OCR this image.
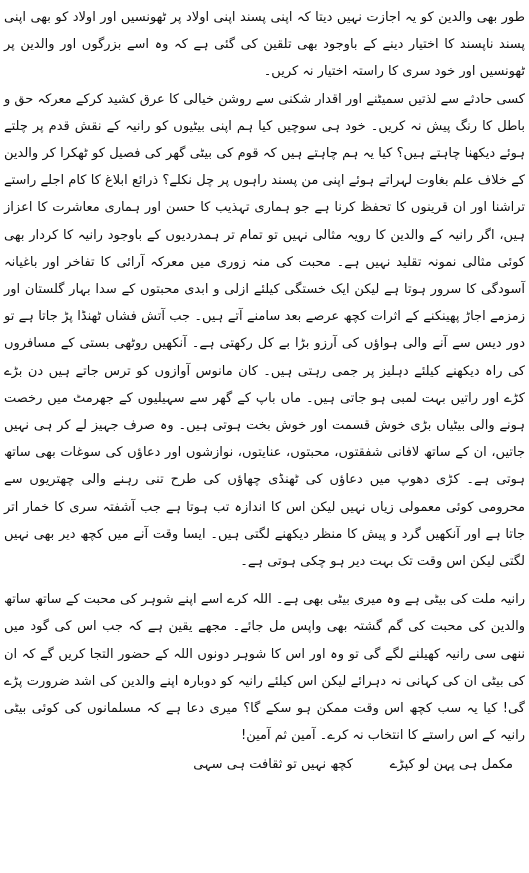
طور بھی والدین کو یہ اجازت نہیں دیتا کہ اپنی پسند اپنی اولاد پر ٹھونسیں اور اولاد کو بھی اپنی پسند ناپسند کا اختیار دینے کے باوجود بھی تلقین کی گئی ہے کہ وہ اسے بزرگوں اور والدین پر ٹھونسیں اور خود سری کا راستہ اختیار نہ کریں۔

کسی حادثے سے لذتیں سمیٹنے اور اقدار شکنی سے روشن خیالی کا عرق کشید کرکے معرکہ حق و باطل کا رنگ پیش نہ کریں۔ خود ہی سوچیں کیا ہم اپنی بیٹیوں کو رانیہ کے نقش قدم پر چلتے ہوئے دیکھنا چاہتے ہیں؟ کیا یہ ہم چاہتے ہیں کہ قوم کی بیٹی گھر کی فصیل کو ٹھکرا کر والدین کے خلاف علم بغاوت لہراتے ہوئے اپنی من پسند راہوں پر چل نکلے؟ ذرائع ابلاغ کا کام اجلے راستے تراشنا اور ان قرینوں کا تحفظ کرنا ہے جو ہماری تہذیب کا حسن اور ہماری معاشرت کا اعزاز ہیں، اگر رانیہ کے والدین کا رویہ مثالی نہیں تو تمام تر ہمدردیوں کے باوجود رانیہ کا کردار بھی کوئی مثالی نمونہ تقلید نہیں ہے۔ محبت کی منہ زوری میں معرکہ آرائی کا تفاخر اور باغیانہ آسودگی کا سرور ہوتا ہے لیکن ایک خستگی کیلئے ازلی و ابدی محبتوں کے سدا بہار گلستان اور زمزمے اجاڑ پھینکنے کے اثرات کچھ عرصے بعد سامنے آتے ہیں۔ جب آتش فشاں ٹھنڈا پڑ جاتا ہے تو دور دیس سے آنے والی ہواؤں کی آرزو بڑا بے کل رکھتی ہے۔ آنکھیں روٹھی بستی کے مسافروں کی راہ دیکھنے کیلئے دہلیز پر جمی رہتی ہیں۔ کان مانوس آوازوں کو ترس جاتے ہیں دن بڑے کڑے اور راتیں بہت لمبی ہو جاتی ہیں۔ ماں باپ کے گھر سے سہیلیوں کے جھرمٹ میں رخصت ہونے والی بیٹیاں بڑی خوش قسمت اور خوش بخت ہوتی ہیں۔ وہ صرف جہیز لے کر ہی نہیں جاتیں، ان کے ساتھ لافانی شفقتوں، محبتوں، عنایتوں، نوازشوں اور دعاؤں کی سوغات بھی ساتھ ہوتی ہے۔ کڑی دھوپ میں دعاؤں کی ٹھنڈی چھاؤں کی طرح تنی رہنے والی چھتریوں سے محرومی کوئی معمولی زیاں نہیں لیکن اس کا اندازہ تب ہوتا ہے جب آشفتہ سری کا خمار اتر جاتا ہے اور آنکھیں گرد و پیش کا منظر دیکھنے لگتی ہیں۔ ایسا وقت آنے میں کچھ دیر بھی نہیں لگتی لیکن اس وقت تک بہت دیر ہو چکی ہوتی ہے۔

رانیہ ملت کی بیٹی ہے وہ میری بیٹی بھی ہے۔ اللہ کرے اسے اپنے شوہر کی محبت کے ساتھ ساتھ والدین کی محبت کی گم گشتہ بھی واپس مل جائے۔ مجھے یقین ہے کہ جب اس کی گود میں ننھی سی رانیہ کھیلنے لگے گی تو وہ اور اس کا شوہر دونوں اللہ کے حضور التجا کریں گے کہ ان کی بیٹی ان کی کہانی نہ دہرائے لیکن اس کیلئے رانیہ کو دوبارہ اپنے والدین کی اشد ضرورت پڑے گی! کیا یہ سب کچھ اس وقت ممکن ہو سکے گا؟ میری دعا ہے کہ مسلمانوں کی کوئی بیٹی رانیہ کے اس راستے کا انتخاب نہ کرے۔ آمین ثم آمین!

مکمل ہی پہن لو کپڑے
کچھ نہیں تو ثقافت ہی سہی
